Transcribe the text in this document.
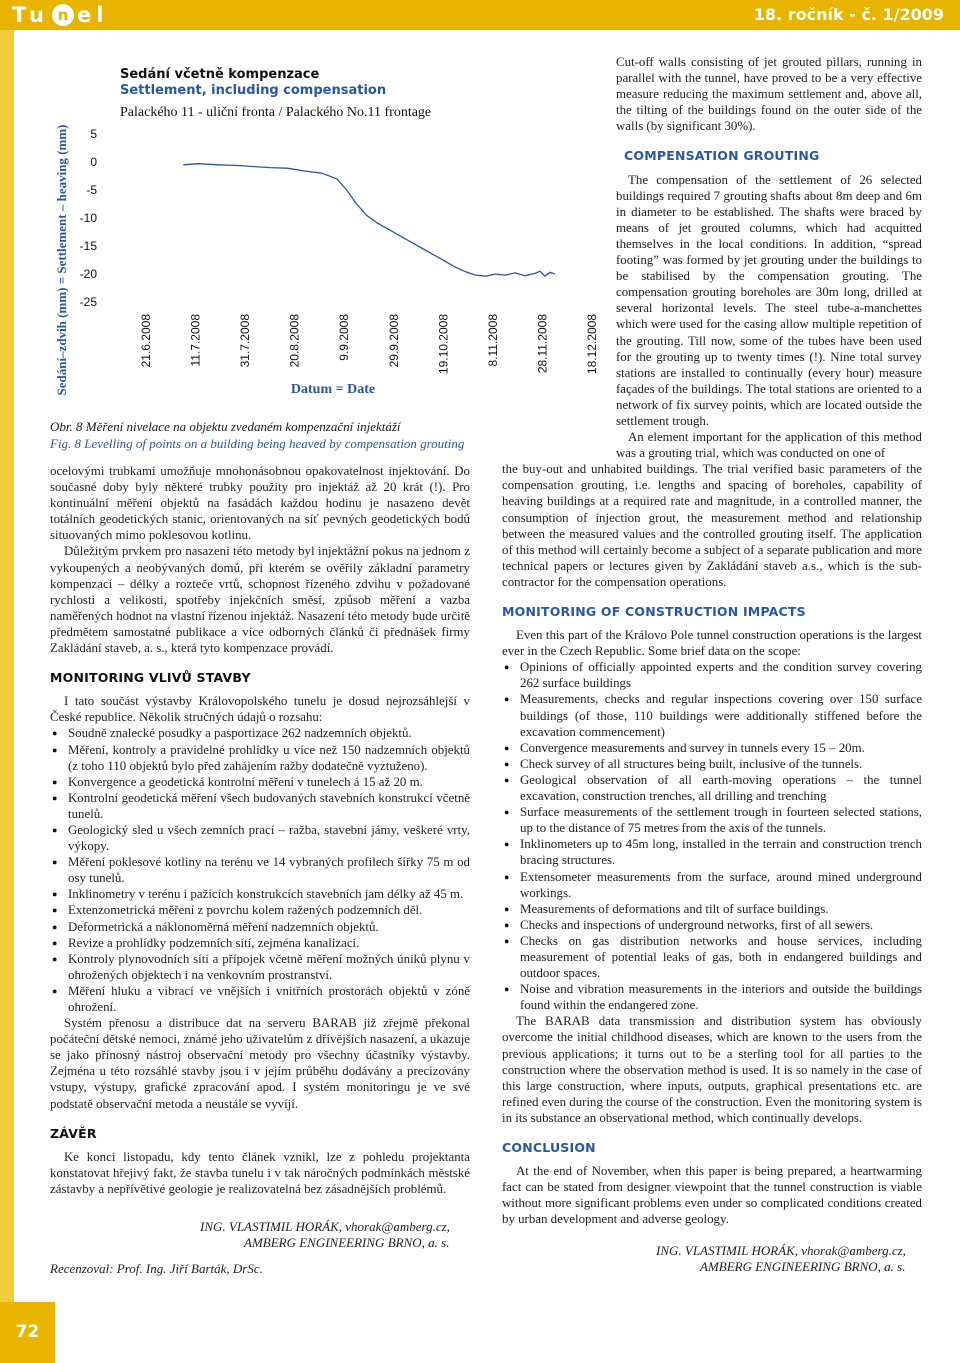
Tu n el	18. ročník - č. 1/2009
72
Sedání včetně kompenzace
Settlement, including compensation
Palackého 11 - uliční fronta / Palackého No.11 frontage
Sedání–zdvih (mm) = Settlement – heaving (mm)	Datum = Date
5
0
-5
-10
-15
-20
-25
21.6.2008	11.7.2008	31.7.2008	20.8.2008	9.9.2008	29.9.2008	19.10.2008	8.11.2008	28.11.2008	18.12.2008
Obr. 8 Měření nivelace na objektu zvedaném kompenzační injektáží
Fig. 8 Levelling of points on a building being heaved by compensation grouting

ocelovými trubkami umožňuje mnohonásobnou opakovatelnost injektování. Do současné doby byly některé trubky použity pro injektáž až 20 krát (!). Pro kontinuální měření objektů na fasádách každou hodinu je nasazeno devět totálních geodetických stanic, orientovaných na síť pevných geodetických bodů situovaných mimo poklesovou kotlinu.

Důležitým prvkem pro nasazení této metody byl injektážní pokus na jednom z vykoupených a neobývaných domů, při kterém se ověřily základní parametry kompenzací – délky a rozteče vrtů, schopnost řízeného zdvihu v požadované rychlosti a velikosti, spotřeby injekčních směsí, způsob měření a vazba naměřených hodnot na vlastní řízenou injektáž. Nasazení této metody bude určitě předmětem samostatné publikace a více odborných článků či přednášek firmy Zakládání staveb, a. s., která tyto kompenzace provádí.

MONITORING VLIVŮ STAVBY

I tato součást výstavby Královopolského tunelu je dosud nejrozsáhlejší v České republice. Několik stručných údajů o rozsahu:

● Soudně znalecké posudky a pasportizace 262 nadzemních objektů.
● Měření, kontroly a pravidelné prohlídky u více než 150 nadzemních objektů (z toho 110 objektů bylo před zahájením ražby dodatečně vyztuženo).
● Konvergence a geodetická kontrolní měření v tunelech á 15 až 20 m.
● Kontrolní geodetická měření všech budovaných stavebních konstrukcí včetně tunelů.
● Geologický sled u všech zemních prací – ražba, stavební jámy, veškeré vrty, výkopy.
● Měření poklesové kotliny na terénu ve 14 vybraných profilech šířky 75 m od osy tunelů.
● Inklinometry v terénu i pažících konstrukcích stavebních jam délky až 45 m.
● Extenzometrická měření z povrchu kolem ražených podzemních děl.
● Deformetrická a náklonoměrná měření nadzemních objektů.
● Revize a prohlídky podzemních sítí, zejména kanalizací.
● Kontroly plynovodních sítí a přípojek včetně měření možných úniků plynu v ohrožených objektech i na venkovním prostranství.
● Měření hluku a vibrací ve vnějších i vnitřních prostorách objektů v zóně ohrožení.

Systém přenosu a distribuce dat na serveru BARAB již zřejmě překonal počáteční dětské nemoci, známé jeho uživatelům z dřívějších nasazení, a ukazuje se jako přínosný nástroj observační metody pro všechny účastníky výstavby. Zejména u této rozsáhlé stavby jsou i v jejím průběhu dodávány a precizovány vstupy, výstupy, grafické zpracování apod. I systém monitoringu je ve své podstatě observační metoda a neustále se vyvíjí.

ZÁVĚR

Ke konci listopadu, kdy tento článek vznikl, lze z pohledu projektanta konstatovat hřejivý fakt, že stavba tunelu i v tak náročných podmínkách městské zástavby a nepřívětivé geologie je realizovatelná bez zásadnějších problémů.

ING. VLASTIMIL HORÁK, vhorak@amberg.cz,
AMBERG ENGINEERING BRNO, a. s.
Recenzoval: Prof. Ing. Jiří Barták, DrSc.

Cut-off walls consisting of jet grouted pillars, running in parallel with the tunnel, have proved to be a very effective measure reducing the maximum settlement and, above all, the tilting of the buildings found on the outer side of the walls (by significant 30%).

COMPENSATION GROUTING

The compensation of the settlement of 26 selected buildings required 7 grouting shafts about 8m deep and 6m in diameter to be established. The shafts were braced by means of jet grouted columns, which had acquitted themselves in the local conditions. In addition, “spread footing” was formed by jet grouting under the buildings to be stabilised by the compensation grouting. The compensation grouting boreholes are 30m long, drilled at several horizontal levels. The steel tube-a-manchettes which were used for the casing allow multiple repetition of the grouting. Till now, some of the tubes have been used for the grouting up to twenty times (!). Nine total survey stations are installed to continually (every hour) measure façades of the buildings. The total stations are oriented to a network of fix survey points, which are located outside the settlement trough.

An element important for the application of this method was a grouting trial, which was conducted on one of

the buy-out and unhabited buildings. The trial verified basic parameters of the compensation grouting, i.e. lengths and spacing of boreholes, capability of heaving buildings at a required rate and magnitude, in a controlled manner, the consumption of injection grout, the measurement method and relationship between the measured values and the controlled grouting itself. The application of this method will certainly become a subject of a separate publication and more technical papers or lectures given by Zakládání staveb a.s., which is the sub-contractor for the compensation operations.

MONITORING OF CONSTRUCTION IMPACTS

Even this part of the Královo Pole tunnel construction operations is the largest ever in the Czech Republic. Some brief data on the scope:

● Opinions of officially appointed experts and the condition survey covering 262 surface buildings
● Measurements, checks and regular inspections covering over 150 surface buildings (of those, 110 buildings were additionally stiffened before the excavation commencement)
● Convergence measurements and survey in tunnels every 15 – 20m.
● Check survey of all structures being built, inclusive of the tunnels.
● Geological observation of all earth-moving operations – the tunnel excavation, construction trenches, all drilling and trenching
● Surface measurements of the settlement trough in fourteen selected stations, up to the distance of 75 metres from the axis of the tunnels.
● Inklinometers up to 45m long, installed in the terrain and construction trench bracing structures.
● Extensometer measurements from the surface, around mined underground workings.
● Measurements of deformations and tilt of surface buildings.
● Checks and inspections of underground networks, first of all sewers.
● Checks on gas distribution networks and house services, including measurement of potential leaks of gas, both in endangered buildings and outdoor spaces.
● Noise and vibration measurements in the interiors and outside the buildings found within the endangered zone.

The BARAB data transmission and distribution system has obviously overcome the initial childhood diseases, which are known to the users from the previous applications; it turns out to be a sterling tool for all parties to the construction where the observation method is used. It is so namely in the case of this large construction, where inputs, outputs, graphical presentations etc. are refined even during the course of the construction. Even the monitoring system is in its substance an observational method, which continually develops.

CONCLUSION

At the end of November, when this paper is being prepared, a heartwarming fact can be stated from designer viewpoint that the tunnel construction is viable without more significant problems even under so complicated conditions created by urban development and adverse geology.

ING. VLASTIMIL HORÁK, vhorak@amberg.cz,
AMBERG ENGINEERING BRNO, a. s.
